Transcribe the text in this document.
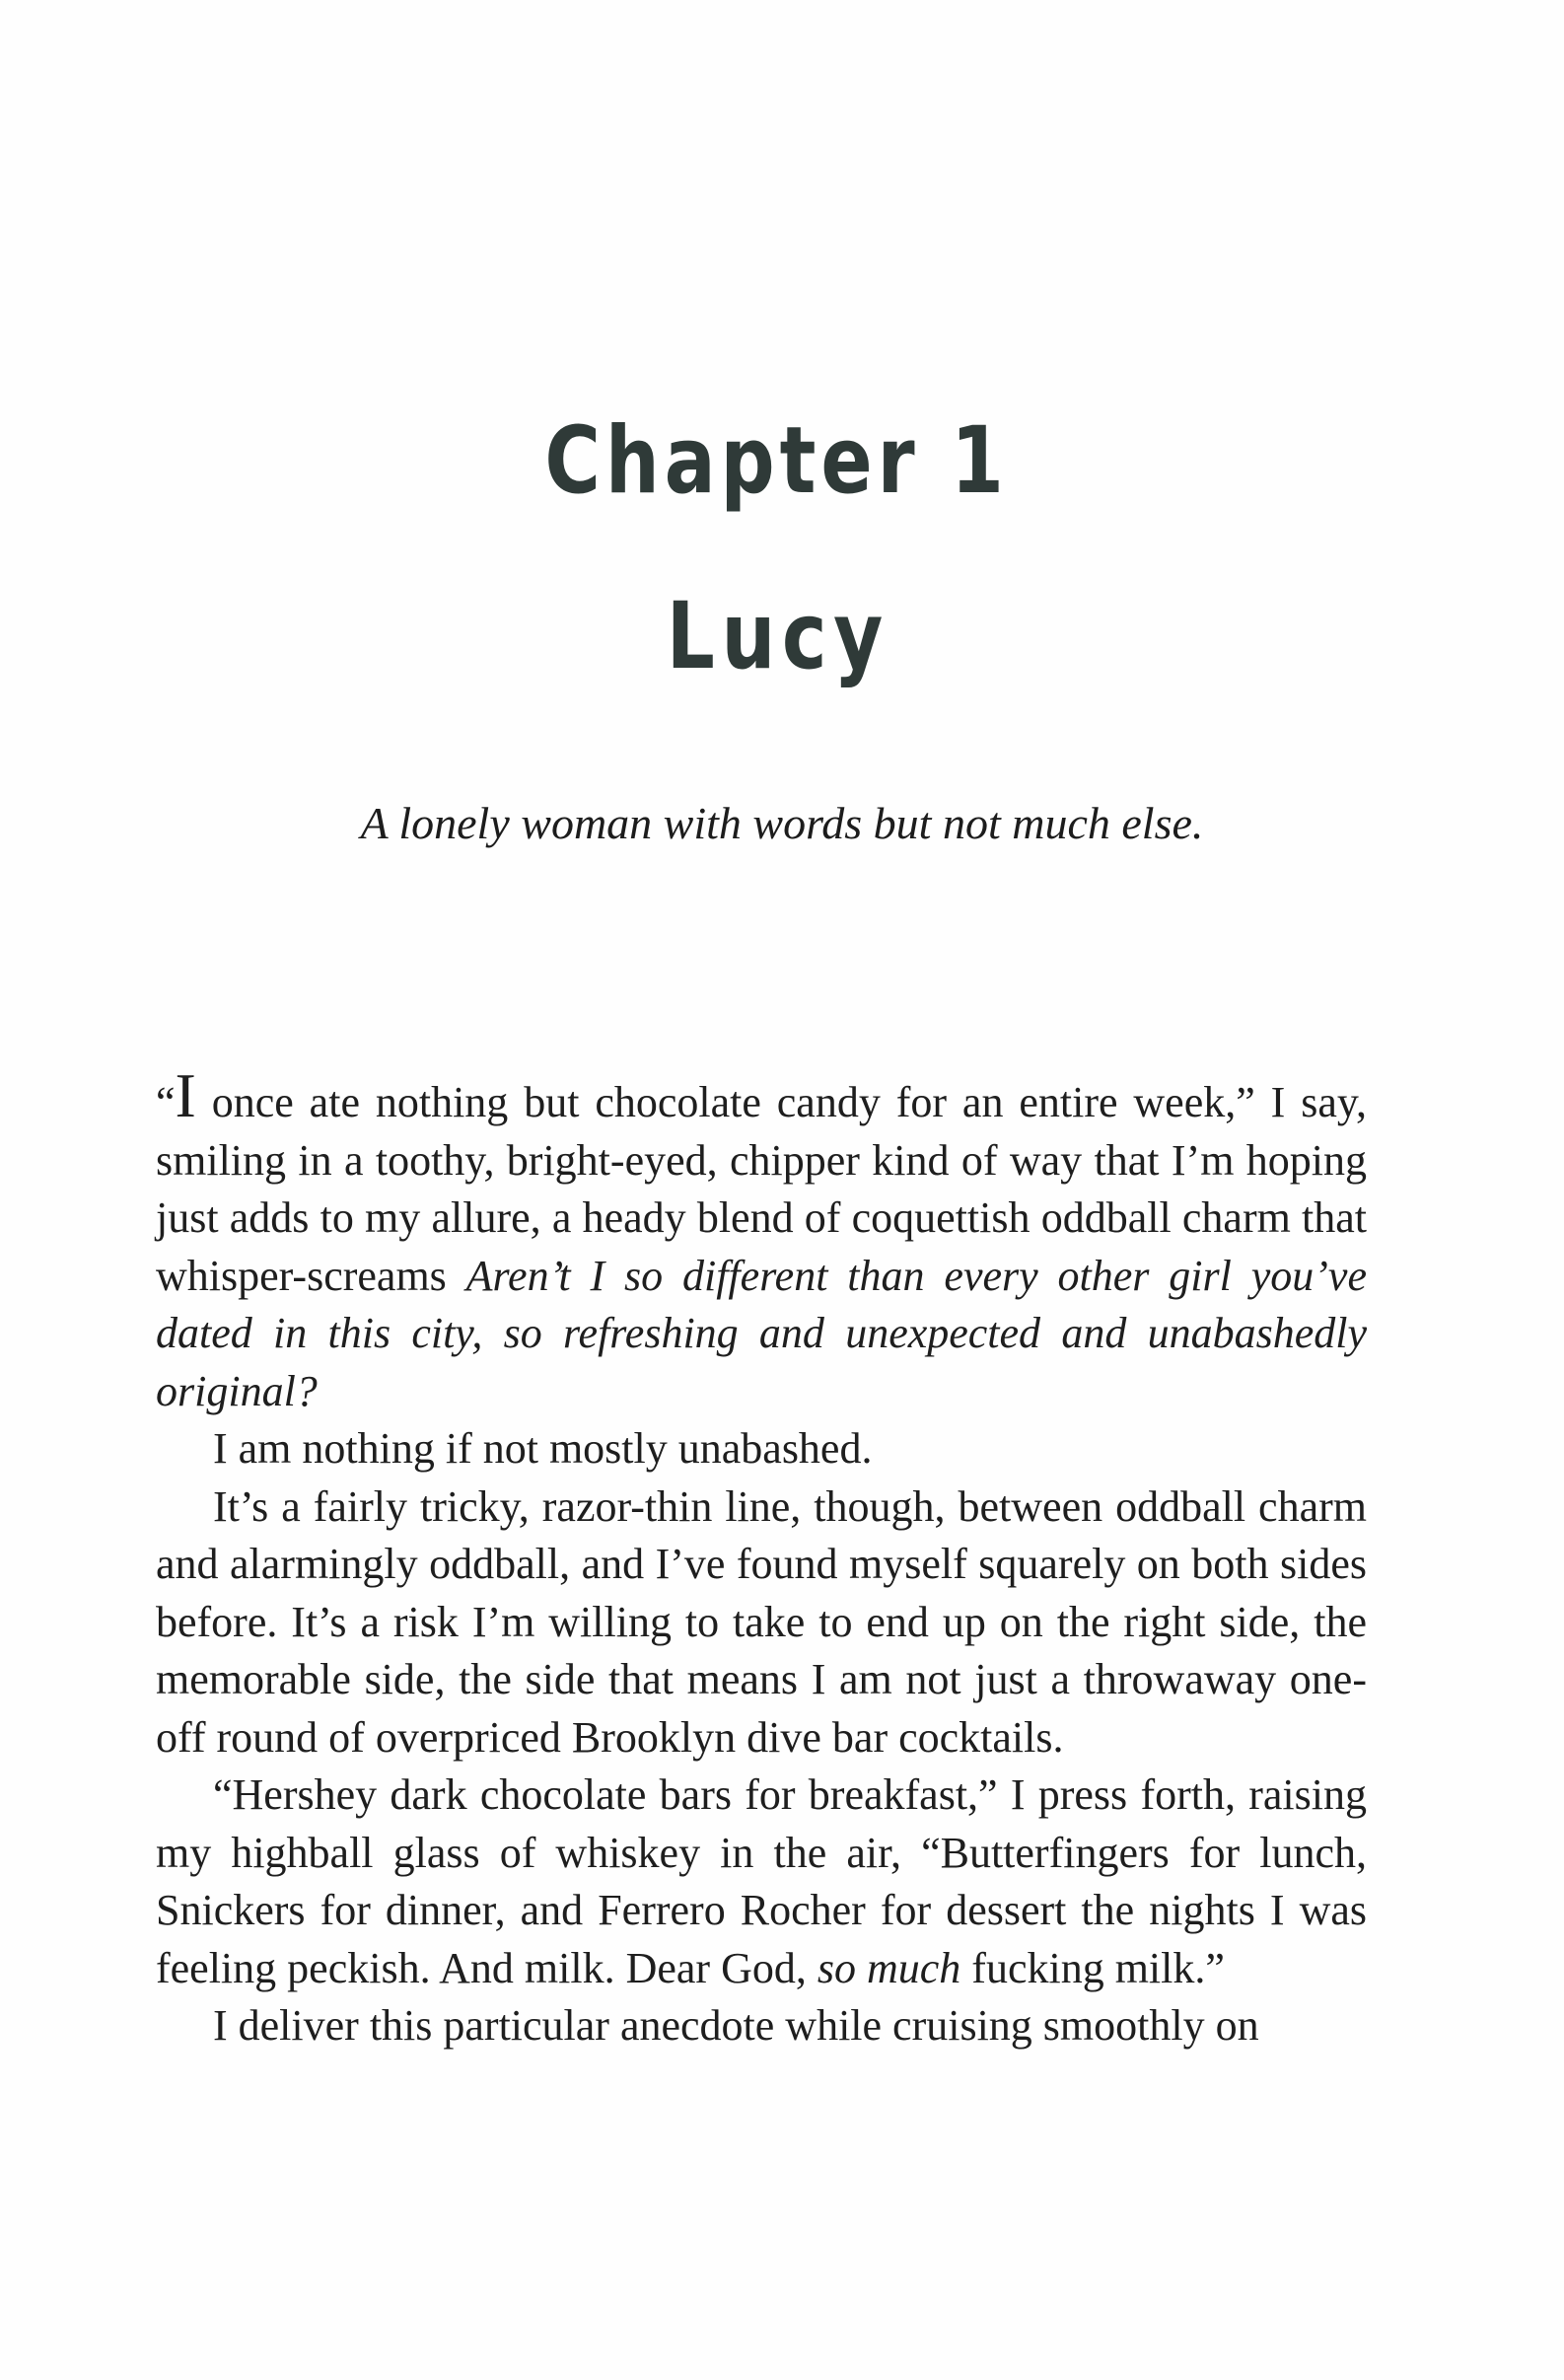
Chapter 1
Lucy
A lonely woman with words but not much else.

“I once ate nothing but chocolate candy for an entire week,” I say, smiling in a toothy, bright-eyed, chipper kind of way that I’m hoping just adds to my allure, a heady blend of coquettish oddball charm that whisper-screams Aren’t I so different than every other girl you’ve dated in this city, so refreshing and unexpected and unabashedly original?

I am nothing if not mostly unabashed.

It’s a fairly tricky, razor-thin line, though, between oddball charm and alarmingly oddball, and I’ve found myself squarely on both sides before. It’s a risk I’m willing to take to end up on the right side, the memorable side, the side that means I am not just a throwaway one-off round of overpriced Brooklyn dive bar cocktails.

“Hershey dark chocolate bars for breakfast,” I press forth, raising my highball glass of whiskey in the air, “Butterfingers for lunch, Snickers for dinner, and Ferrero Rocher for dessert the nights I was feeling peckish. And milk. Dear God, so much fucking milk.”

I deliver this particular anecdote while cruising smoothly on
